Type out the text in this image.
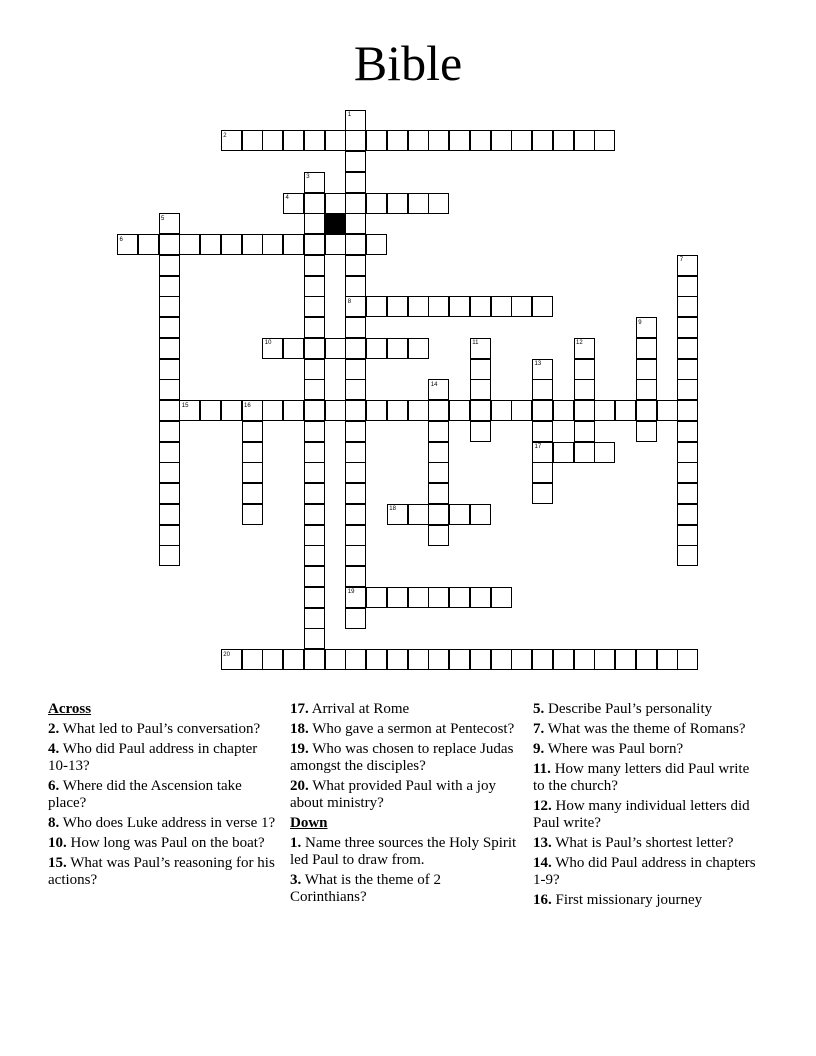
Bible
1
2
3
4
5
6
7
8
9
10	11	12
13
14
15	16
17
18
19
20
Across
2. What led to Paul’s conversation?
4. Who did Paul address in chapter 10-13?
6. Where did the Ascension take place?
8. Who does Luke address in verse 1?
10. How long was Paul on the boat?
15. What was Paul’s reasoning for his actions?
17. Arrival at Rome
18. Who gave a sermon at Pentecost?
19. Who was chosen to replace Judas amongst the disciples?
20. What provided Paul with a joy about ministry?
Down
1. Name three sources the Holy Spirit led Paul to draw from.
3. What is the theme of 2 Corinthians?
5. Describe Paul’s personality
7. What was the theme of Romans?
9. Where was Paul born?
11. How many letters did Paul write to the church?
12. How many individual letters did Paul write?
13. What is Paul’s shortest letter?
14. Who did Paul address in chapters 1-9?
16. First missionary journey
